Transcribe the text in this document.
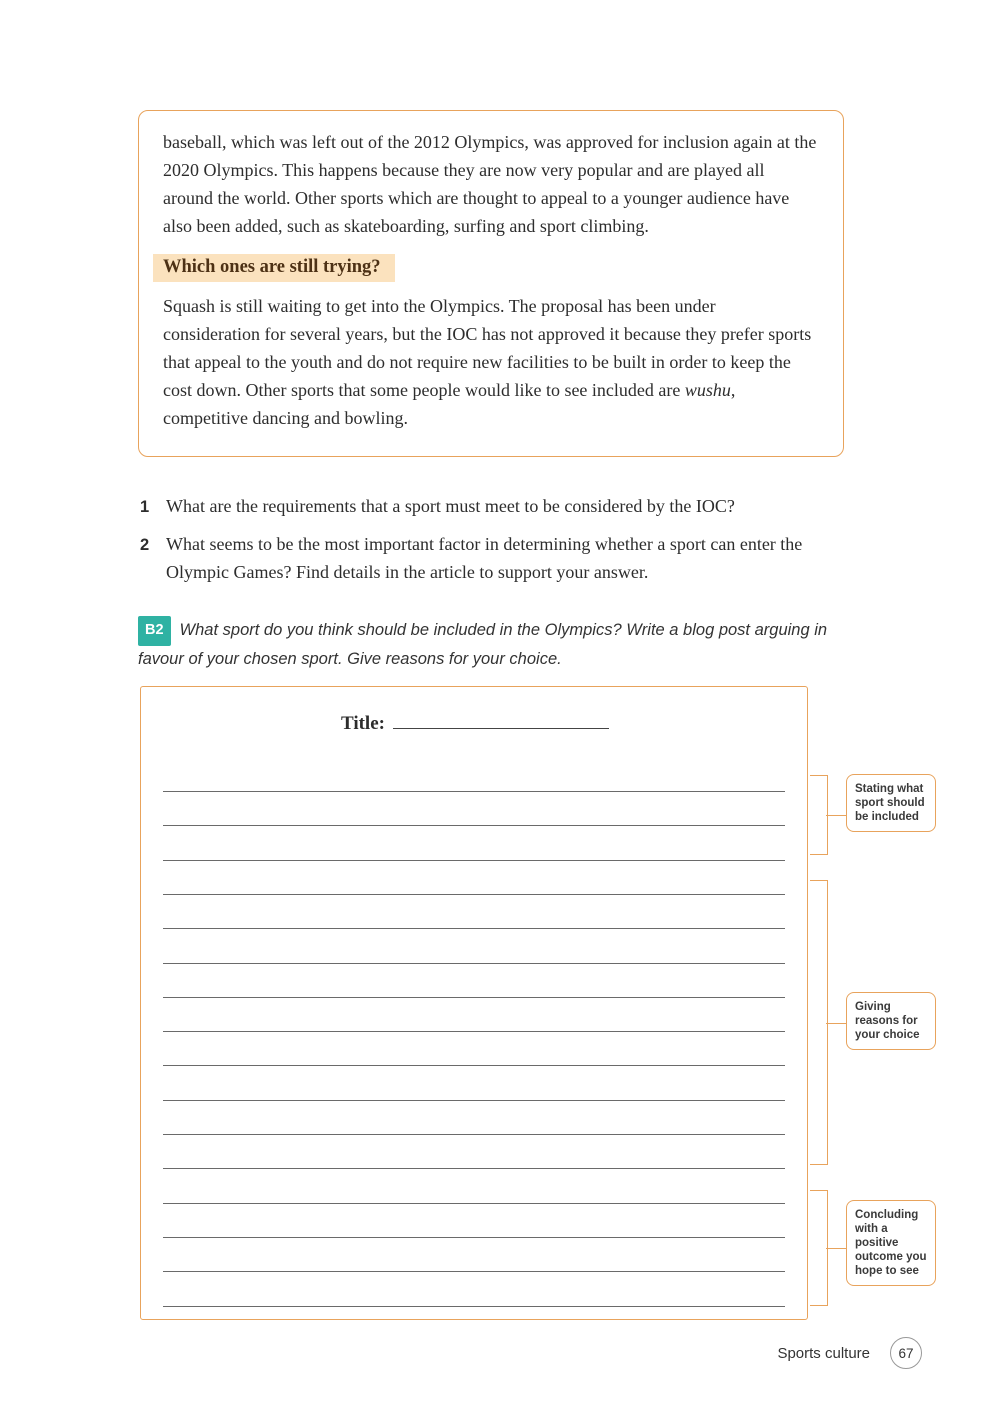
baseball, which was left out of the 2012 Olympics, was approved for inclusion again at the 2020 Olympics. This happens because they are now very popular and are played all around the world. Other sports which are thought to appeal to a younger audience have also been added, such as skateboarding, surfing and sport climbing.

Which ones are still trying?

Squash is still waiting to get into the Olympics. The proposal has been under consideration for several years, but the IOC has not approved it because they prefer sports that appeal to the youth and do not require new facilities to be built in order to keep the cost down. Other sports that some people would like to see included are wushu, competitive dancing and bowling.

1 What are the requirements that a sport must meet to be considered by the IOC?
2 What seems to be the most important factor in determining whether a sport can enter the Olympic Games? Find details in the article to support your answer.
B2 What sport do you think should be included in the Olympics? Write a blog post arguing in favour of your chosen sport. Give reasons for your choice.
Title:
Stating what sport should be included
Giving reasons for your choice
Concluding with a positive outcome you hope to see
Sports culture	67
